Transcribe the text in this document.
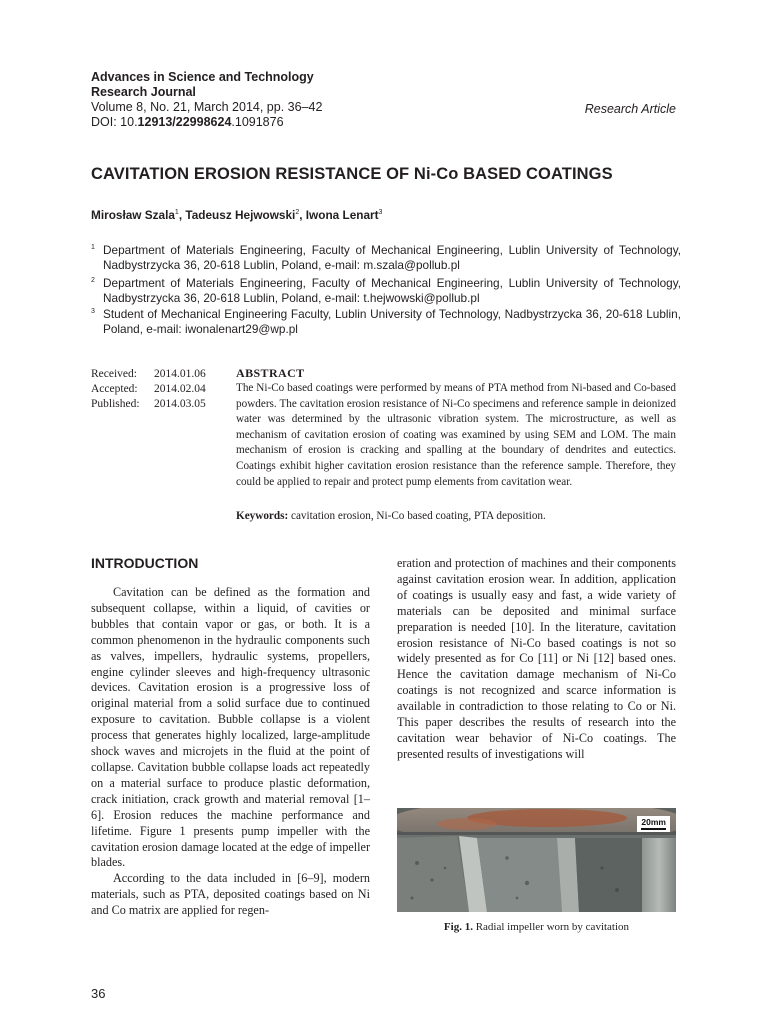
Advances in Science and Technology
Research Journal
Volume 8, No. 21, March 2014, pp. 36–42
DOI: 10.12913/22998624.1091876
Research Article
CAVITATION EROSION RESISTANCE OF Ni-Co BASED COATINGS
Mirosław Szala$^1$, Tadeusz Hejwowski$^2$, Iwona Lenart$^3$
1 Department of Materials Engineering, Faculty of Mechanical Engineering, Lublin University of Technology, Nadbystrzycka 36, 20-618 Lublin, Poland, e-mail: m.szala@pollub.pl
2 Department of Materials Engineering, Faculty of Mechanical Engineering, Lublin University of Technology, Nadbystrzycka 36, 20-618 Lublin, Poland, e-mail: t.hejwowski@pollub.pl
3 Student of Mechanical Engineering Faculty, Lublin University of Technology, Nadbystrzycka 36, 20-618 Lublin, Poland, e-mail: iwonalenart29@wp.pl
Received:	2014.01.06
Accepted:	2014.02.04
Published:	2014.03.05
ABSTRACT
The Ni-Co based coatings were performed by means of PTA method from Ni-based and Co-based powders. The cavitation erosion resistance of Ni-Co specimens and reference sample in deionized water was determined by the ultrasonic vibration system. The microstructure, as well as mechanism of cavitation erosion of coating was examined by using SEM and LOM. The main mechanism of erosion is cracking and spalling at the boundary of dendrites and eutectics. Coatings exhibit higher cavitation erosion resistance than the reference sample. Therefore, they could be applied to repair and protect pump elements from cavitation wear.
Keywords: cavitation erosion, Ni-Co based coating, PTA deposition.
INTRODUCTION

Cavitation can be defined as the formation and subsequent collapse, within a liquid, of cavities or bubbles that contain vapor or gas, or both. It is a common phenomenon in the hydraulic components such as valves, impellers, hydraulic systems, propellers, engine cylinder sleeves and high-frequency ultrasonic devices. Cavitation erosion is a progressive loss of original material from a solid surface due to continued exposure to cavitation. Bubble collapse is a violent process that generates highly localized, large-amplitude shock waves and microjets in the fluid at the point of collapse. Cavitation bubble collapse loads act repeatedly on a material surface to produce plastic deformation, crack initiation, crack growth and material removal [1–6]. Erosion reduces the machine performance and lifetime. Figure 1 presents pump impeller with the cavitation erosion damage located at the edge of impeller blades.

According to the data included in [6–9], modern materials, such as PTA, deposited coatings based on Ni and Co matrix are applied for regen-

eration and protection of machines and their components against cavitation erosion wear. In addition, application of coatings is usually easy and fast, a wide variety of materials can be deposited and minimal surface preparation is needed [10]. In the literature, cavitation erosion resistance of Ni-Co based coatings is not so widely presented as for Co [11] or Ni [12] based ones. Hence the cavitation damage mechanism of Ni-Co coatings is not recognized and scarce information is available in contradiction to those relating to Co or Ni. This paper describes the results of research into the cavitation wear behavior of Ni-Co coatings. The presented results of investigations will

20mm
Fig. 1. Radial impeller worn by cavitation
36
